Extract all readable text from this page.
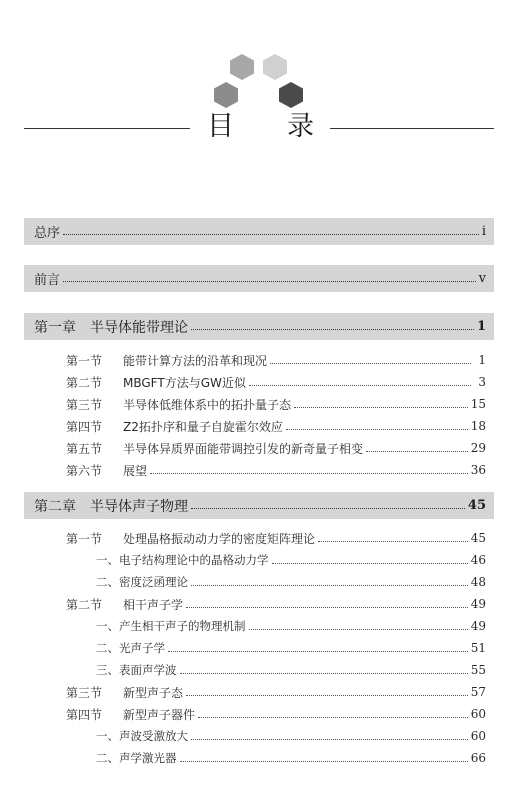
目 录
总序	i
前言	v
第一章　半导体能带理论	1
第一节	能带计算方法的沿革和现况	1
第二节	MBGFT方法与GW近似	3
第三节	半导体低维体系中的拓扑量子态	15
第四节	Z2拓扑序和量子自旋霍尔效应	18
第五节	半导体异质界面能带调控引发的新奇量子相变	29
第六节	展望	36
第二章　半导体声子物理	45
第一节	处理晶格振动动力学的密度矩阵理论	45
一、电子结构理论中的晶格动力学	46
二、密度泛函理论	48
第二节	相干声子学	49
一、产生相干声子的物理机制	49
二、光声子学	51
三、表面声学波	55
第三节	新型声子态	57
第四节	新型声子器件	60
一、声波受激放大	60
二、声学激光器	66
